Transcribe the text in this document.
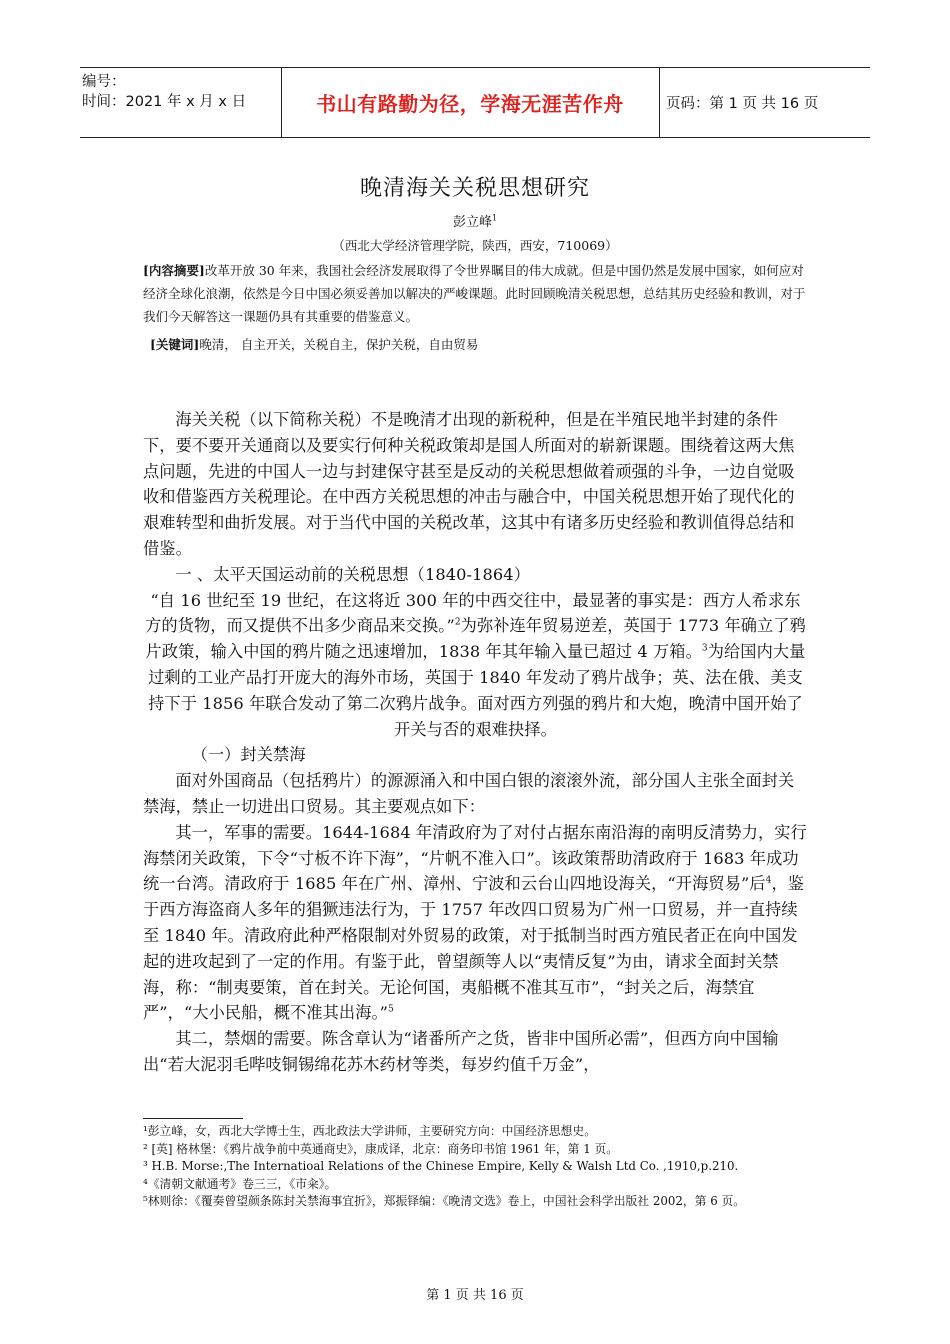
编号：
时间：2021 年 x 月 x 日	书山有路勤为径，学海无涯苦作舟	页码：第 1 页 共 16 页
晚清海关关税思想研究
彭立峰$^1$
（西北大学经济管理学院，陕西，西安，710069）
[内容摘要]改革开放 30 年来，我国社会经济发展取得了令世界瞩目的伟大成就。但是中国仍然是发展中国家，如何应对经济全球化浪潮，依然是今日中国必须妥善加以解决的严峻课题。此时回顾晚清关税思想，总结其历史经验和教训，对于我们今天解答这一课题仍具有其重要的借鉴意义。
[关键词]晚清， 自主开关，关税自主，保护关税，自由贸易

海关关税（以下简称关税）不是晚清才出现的新税种，但是在半殖民地半封建的条件下，要不要开关通商以及要实行何种关税政策却是国人所面对的崭新课题。围绕着这两大焦点问题，先进的中国人一边与封建保守甚至是反动的关税思想做着顽强的斗争，一边自觉吸收和借鉴西方关税理论。在中西方关税思想的冲击与融合中，中国关税思想开始了现代化的艰难转型和曲折发展。对于当代中国的关税改革，这其中有诸多历史经验和教训值得总结和借鉴。

一 、太平天国运动前的关税思想（1840-1864）

“自 16 世纪至 19 世纪，在这将近 300 年的中西交往中，最显著的事实是：西方人希求东方的货物，而又提供不出多少商品来交换。”$^2$为弥补连年贸易逆差，英国于 1773 年确立了鸦片政策，输入中国的鸦片随之迅速增加，1838 年其年输入量已超过 4 万箱。$^3$为给国内大量过剩的工业产品打开庞大的海外市场，英国于 1840 年发动了鸦片战争；英、法在俄、美支持下于 1856 年联合发动了第二次鸦片战争。面对西方列强的鸦片和大炮，晚清中国开始了开关与否的艰难抉择。

（一）封关禁海

面对外国商品（包括鸦片）的源源涌入和中国白银的滚滚外流，部分国人主张全面封关禁海，禁止一切进出口贸易。其主要观点如下：

其一，军事的需要。1644-1684 年清政府为了对付占据东南沿海的南明反清势力，实行海禁闭关政策，下令“寸板不许下海”，“片帆不准入口”。该政策帮助清政府于 1683 年成功统一台湾。清政府于 1685 年在广州、漳州、宁波和云台山四地设海关，“开海贸易”后$^4$，鉴于西方海盗商人多年的猖獗违法行为，于 1757 年改四口贸易为广州一口贸易，并一直持续至 1840 年。清政府此种严格限制对外贸易的政策，对于抵制当时西方殖民者正在向中国发起的进攻起到了一定的作用。有鉴于此，曾望颜等人以“夷情反复”为由，请求全面封关禁海，称：“制夷要策，首在封关。无论何国，夷船概不准其互市”，“封关之后，海禁宜严”，“大小民船，概不准其出海。”$^5$

其二，禁烟的需要。陈含章认为“诸番所产之货，皆非中国所必需”，但西方向中国输出“若大泥羽毛哔吱铜锡绵花苏木药材等类，每岁约值千万金”，

¹彭立峰，女，西北大学博士生，西北政法大学讲师，主要研究方向：中国经济思想史。
² [英] 格林堡：《鸦片战争前中英通商史》，康成译，北京：商务印书馆 1961 年，第 1 页。
³ H.B. Morse:,The Internatioal Relations of the Chinese Empire, Kelly & Walsh Ltd Co. ,1910,p.210.
⁴《清朝文献通考》卷三三，《市籴》。
⁵林则徐：《覆奏曾望颜条陈封关禁海事宜折》，郑振铎编：《晚清文选》卷上，中国社会科学出版社 2002，第 6 页。
第 1 页 共 16 页
